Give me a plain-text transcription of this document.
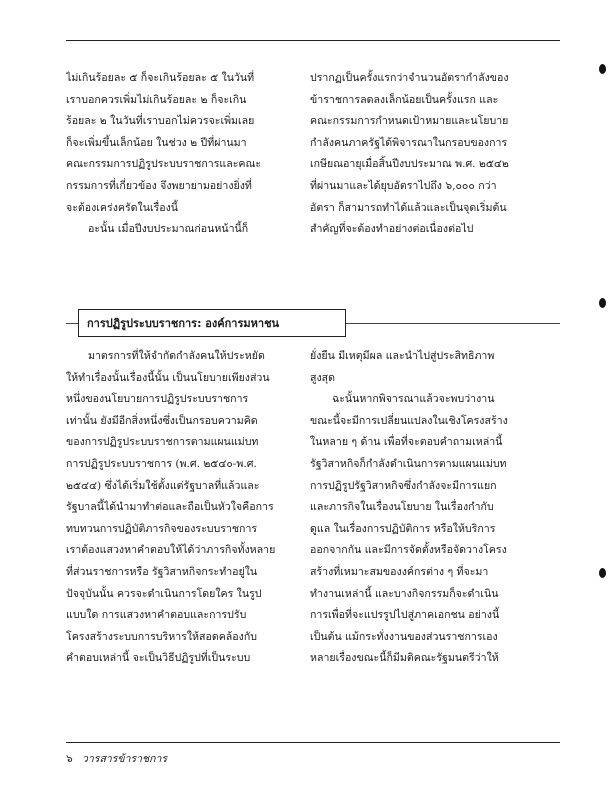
ไม่เกินร้อยละ ๕ ก็จะเกินร้อยละ ๕ ในวันที่
เราบอกควรเพิ่มไม่เกินร้อยละ ๒ ก็จะเกิน
ร้อยละ ๒ ในวันที่เราบอกไม่ควรจะเพิ่มเลย
ก็จะเพิ่มขึ้นเล็กน้อย ในช่วง ๒ ปีที่ผ่านมา
คณะกรรมการปฏิรูประบบราชการและคณะ
กรรมการที่เกี่ยวข้อง จึงพยายามอย่างยิ่งที่
จะต้องเคร่งครัดในเรื่องนี้
อะนั้น เมื่อปีงบประมาณก่อนหน้านี้ก็
ปรากฏเป็นครั้งแรกว่าจำนวนอัตรากำลังของ
ข้าราชการลดลงเล็กน้อยเป็นครั้งแรก และ
คณะกรรมการกำหนดเป้าหมายและนโยบาย
กำลังคนภาครัฐได้พิจารณาในกรอบของการ
เกษียณอายุเมื่อสิ้นปีงบประมาณ พ.ศ. ๒๕๔๒
ที่ผ่านมาและได้ยุบอัตราไปถึง ๖,๐๐๐ กว่า
อัตรา ก็สามารถทำได้แล้วและเป็นจุดเริ่มต้น
สำคัญที่จะต้องทำอย่างต่อเนื่องต่อไป
การปฏิรูประบบราชการ: องค์การมหาชน
มาตรการที่ให้จำกัดกำลังคนให้ประหยัด
ให้ทำเรื่องนั้นเรื่องนี้นั้น เป็นนโยบายเพียงส่วน
หนึ่งของนโยบายการปฏิรูประบบราชการ
เท่านั้น ยังมีอีกสิ่งหนึ่งซึ่งเป็นกรอบความคิด
ของการปฏิรูประบบราชการตามแผนแม่บท
การปฏิรูประบบราชการ (พ.ศ. ๒๕๔๐-พ.ศ.
๒๕๔๔) ซึ่งได้เริ่มใช้ตั้งแต่รัฐบาลที่แล้วและ
รัฐบาลนี้ได้นำมาทำต่อและถือเป็นหัวใจคือการ
ทบทวนการปฏิบัติภารกิจของระบบราชการ
เราต้องแสวงหาคำตอบให้ได้ว่าภารกิจทั้งหลาย
ที่ส่วนราชการหรือ รัฐวิสาหกิจกระทำอยู่ใน
ปัจจุบันนั้น ควรจะดำเนินการโดยใคร ในรูป
แบบใด การแสวงหาคำตอบและการปรับ
โครงสร้างระบบการบริหารให้สอดคล้องกับ
คำตอบเหล่านี้ จะเป็นวิธีปฏิรูปที่เป็นระบบ
ยั่งยืน มีเหตุมีผล และนำไปสู่ประสิทธิภาพ
สูงสุด
ฉะนั้นหากพิจารณาแล้วจะพบว่างาน
ขณะนี้จะมีการเปลี่ยนแปลงในเชิงโครงสร้าง
ในหลาย ๆ ด้าน เพื่อที่จะตอบคำถามเหล่านี้
รัฐวิสาหกิจก็กำลังดำเนินการตามแผนแม่บท
การปฏิรูปรัฐวิสาหกิจซึ่งกำลังจะมีการแยก
และภารกิจในเรื่องนโยบาย ในเรื่องกำกับ
ดูแล ในเรื่องการปฏิบัติการ หรือให้บริการ
ออกจากกัน และมีการจัดตั้งหรือจัดวางโครง
สร้างที่เหมาะสมของงค์กรต่าง ๆ ที่จะมา
ทำงานเหล่านี้ และบางกิจกรรมก็จะดำเนิน
การเพื่อที่จะแปรรูปไปสู่ภาคเอกชน อย่างนี้
เป็นต้น แม้กระทั่งงานของส่วนราชการเอง
หลายเรื่องขณะนี้ก็มีมติคณะรัฐมนตรีว่าให้
๖ วารสารข้าราชการ
